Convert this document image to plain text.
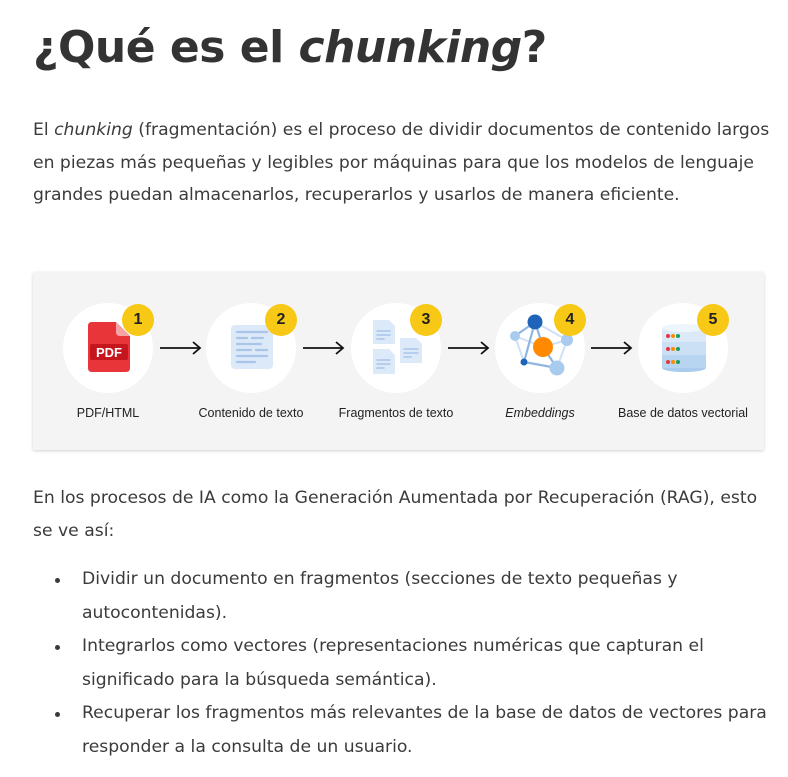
¿Qué es el chunking?

El chunking (fragmentación) es el proceso de dividir documentos de contenido largos en piezas más pequeñas y legibles por máquinas para que los modelos de lenguaje grandes puedan almacenarlos, recuperarlos y usarlos de manera eficiente.

PDF
1
PDF/HTML
2
Contenido de texto
3
Fragmentos de texto
4
Embeddings
5
Base de datos vectorial

En los procesos de IA como la Generación Aumentada por Recuperación (RAG), esto se ve así:

Dividir un documento en fragmentos (secciones de texto pequeñas y autocontenidas).
Integrarlos como vectores (representaciones numéricas que capturan el significado para la búsqueda semántica).
Recuperar los fragmentos más relevantes de la base de datos de vectores para responder a la consulta de un usuario.
